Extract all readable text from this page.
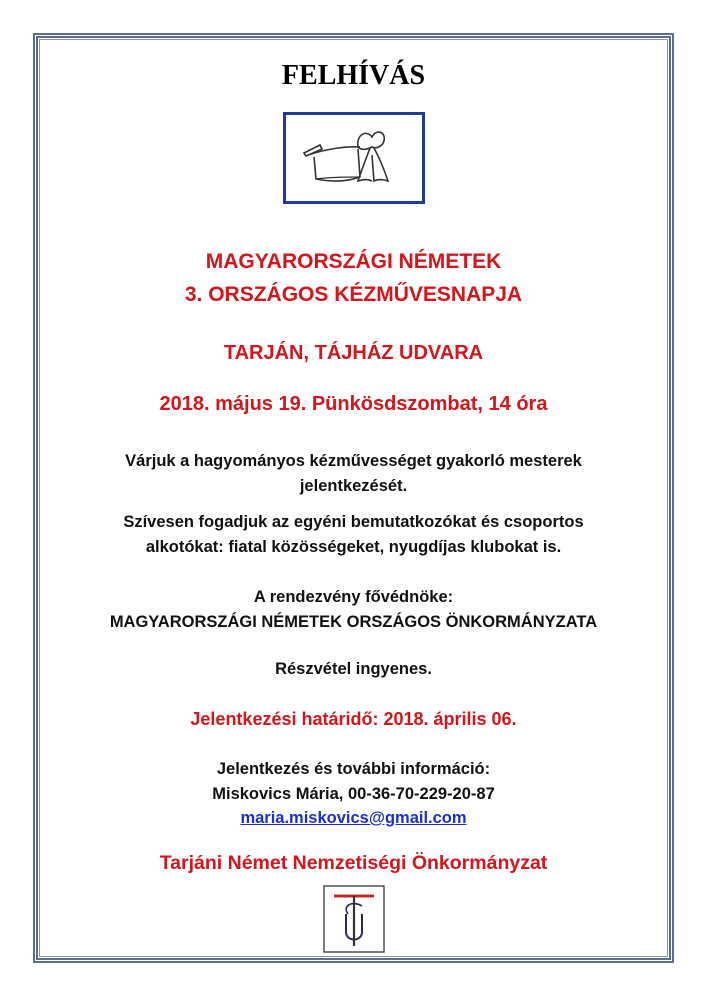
FELHÍVÁS
MAGYARORSZÁGI NÉMETEK
3. ORSZÁGOS KÉZMŰVESNAPJA
TARJÁN, TÁJHÁZ UDVARA
2018. május 19. Pünkösdszombat, 14 óra
Várjuk a hagyományos kézművességet gyakorló mesterek
jelentkezését.
Szívesen fogadjuk az egyéni bemutatkozókat és csoportos
alkotókat: fiatal közösségeket, nyugdíjas klubokat is.
A rendezvény fővédnöke:
MAGYARORSZÁGI NÉMETEK ORSZÁGOS ÖNKORMÁNYZATA
Részvétel ingyenes.
Jelentkezési határidő: 2018. április 06.
Jelentkezés és további információ:
Miskovics Mária, 00-36-70-229-20-87
maria.miskovics@gmail.com
Tarjáni Német Nemzetiségi Önkormányzat
